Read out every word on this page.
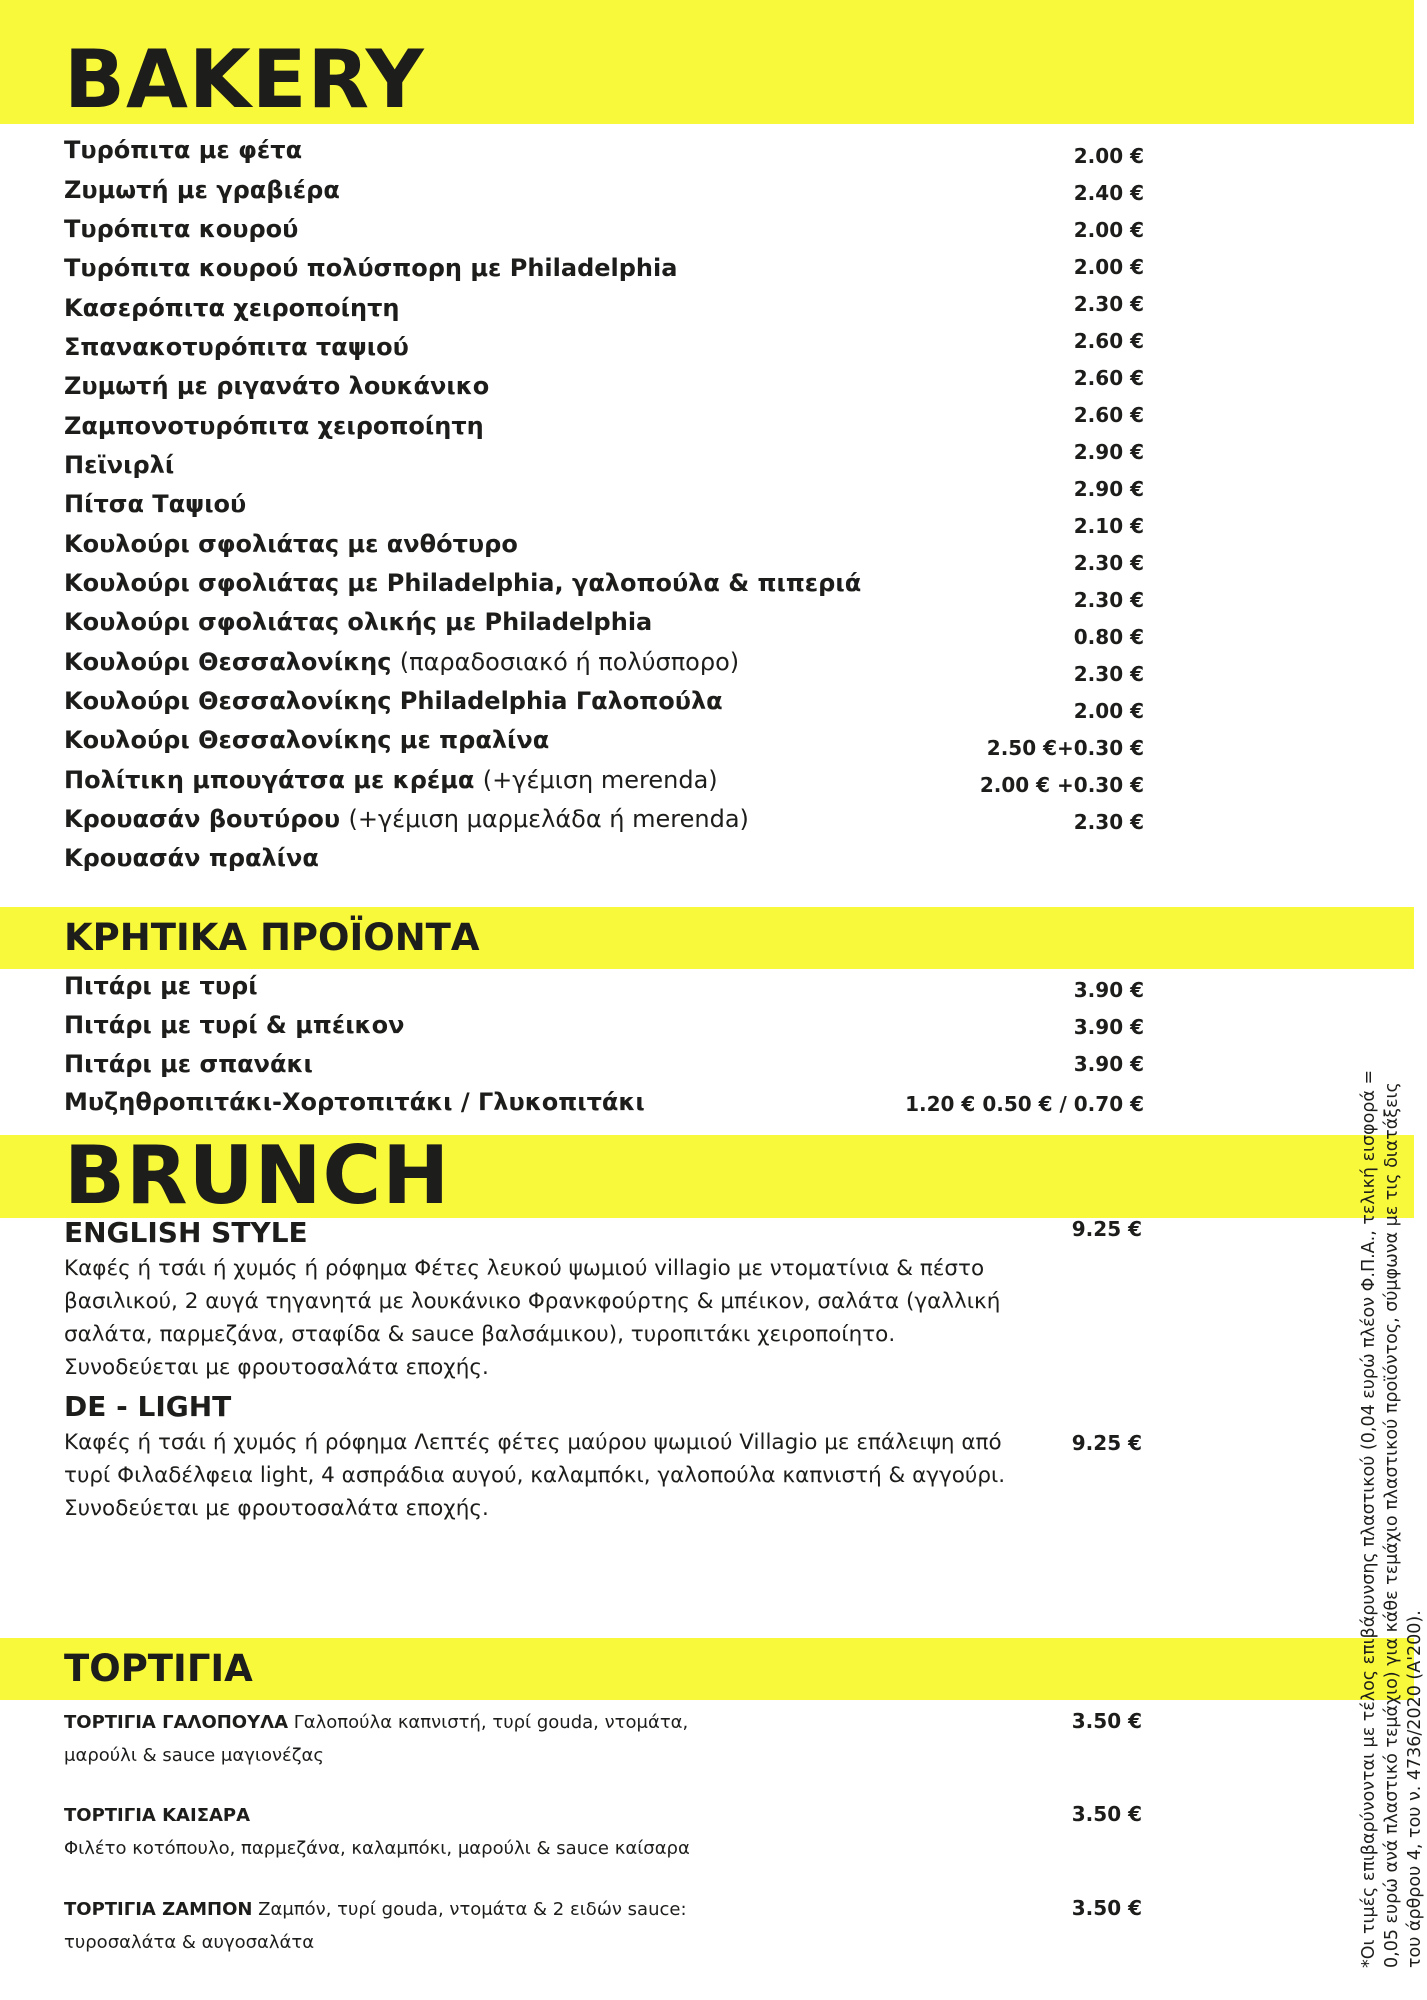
BAKERY
Τυρόπιτα με φέτα
Ζυμωτή με γραβιέρα
Τυρόπιτα κουρού
Τυρόπιτα κουρού πολύσπορη με Philadelphia
Κασερόπιτα χειροποίητη
Σπανακοτυρόπιτα ταψιού
Ζυμωτή με ριγανάτο λουκάνικο
Ζαμπονοτυρόπιτα χειροποίητη
Πεϊνιρλί
Πίτσα Ταψιού
Κουλούρι σφολιάτας με ανθότυρο
Κουλούρι σφολιάτας με Philadelphia, γαλοπούλα & πιπεριά
Κουλούρι σφολιάτας ολικής με Philadelphia
Κουλούρι Θεσσαλονίκης (παραδοσιακό ή πολύσπορο)
Κουλούρι Θεσσαλονίκης Philadelphia Γαλοπούλα
Κουλούρι Θεσσαλονίκης με πραλίνα
Πολίτικη μπουγάτσα με κρέμα (+γέμιση merenda)
Κρουασάν βουτύρου (+γέμιση μαρμελάδα ή merenda)
Κρουασάν πραλίνα
2.00 €
2.40 €
2.00 €
2.00 €
2.30 €
2.60 €
2.60 €
2.60 €
2.90 €
2.90 €
2.10 €
2.30 €
2.30 €
0.80 €
2.30 €
2.00 €
2.50 €+0.30 €
2.00 € +0.30 €
2.30 €
ΚΡΗΤΙΚΑ ΠΡΟΪΟΝΤΑ
Πιτάρι με τυρί
Πιτάρι με τυρί & μπέικον
Πιτάρι με σπανάκι
Μυζηθροπιτάκι-Χορτοπιτάκι / Γλυκοπιτάκι
3.90 €
3.90 €
3.90 €
1.20 € 0.50 € / 0.70 €
BRUNCH
ENGLISH STYLE

Καφές ή τσάι ή χυμός ή ρόφημα Φέτες λευκού ψωμιού villagio με ντοματίνια & πέστο βασιλικού, 2 αυγά τηγανητά με λουκάνικο Φρανκφούρτης & μπέικον, σαλάτα (γαλλική σαλάτα, παρμεζάνα, σταφίδα & sauce βαλσάμικου), τυροπιτάκι χειροποίητο. Συνοδεύεται με φρουτοσαλάτα εποχής.

9.25 €
DE - LIGHT

Καφές ή τσάι ή χυμός ή ρόφημα Λεπτές φέτες μαύρου ψωμιού Villagio με επάλειψη από τυρί Φιλαδέλφεια light, 4 ασπράδια αυγού, καλαμπόκι, γαλοπούλα καπνιστή & αγγούρι. Συνοδεύεται με φρουτοσαλάτα εποχής.

9.25 €
ΤΟΡΤΙΓΙΑ
ΤΟΡΤΙΓΙΑ ΓΑΛΟΠΟΥΛΑ Γαλοπούλα καπνιστή, τυρί gouda, ντομάτα,
μαρούλι & sauce μαγιονέζας
3.50 €
ΤΟΡΤΙΓΙΑ ΚΑΙΣΑΡΑ
Φιλέτο κοτόπουλο, παρμεζάνα, καλαμπόκι, μαρούλι & sauce καίσαρα
3.50 €
ΤΟΡΤΙΓΙΑ ΖΑΜΠΟΝ Ζαμπόν, τυρί gouda, ντομάτα & 2 ειδών sauce:
τυροσαλάτα & αυγοσαλάτα
3.50 €	*Οι τιμές επιβαρύνονται με τέλος επιβάρυνσης πλαστικού (0,04 ευρώ πλέον Φ.Π.Α., τελική εισφορά = 0,05 ευρώ ανά πλαστικό τεμάχιο) για κάθε τεμάχιο πλαστικού προϊόντος, σύμφωνα με τις διατάξεις του άρθρου 4, του ν. 4736/2020 (Α'200).
